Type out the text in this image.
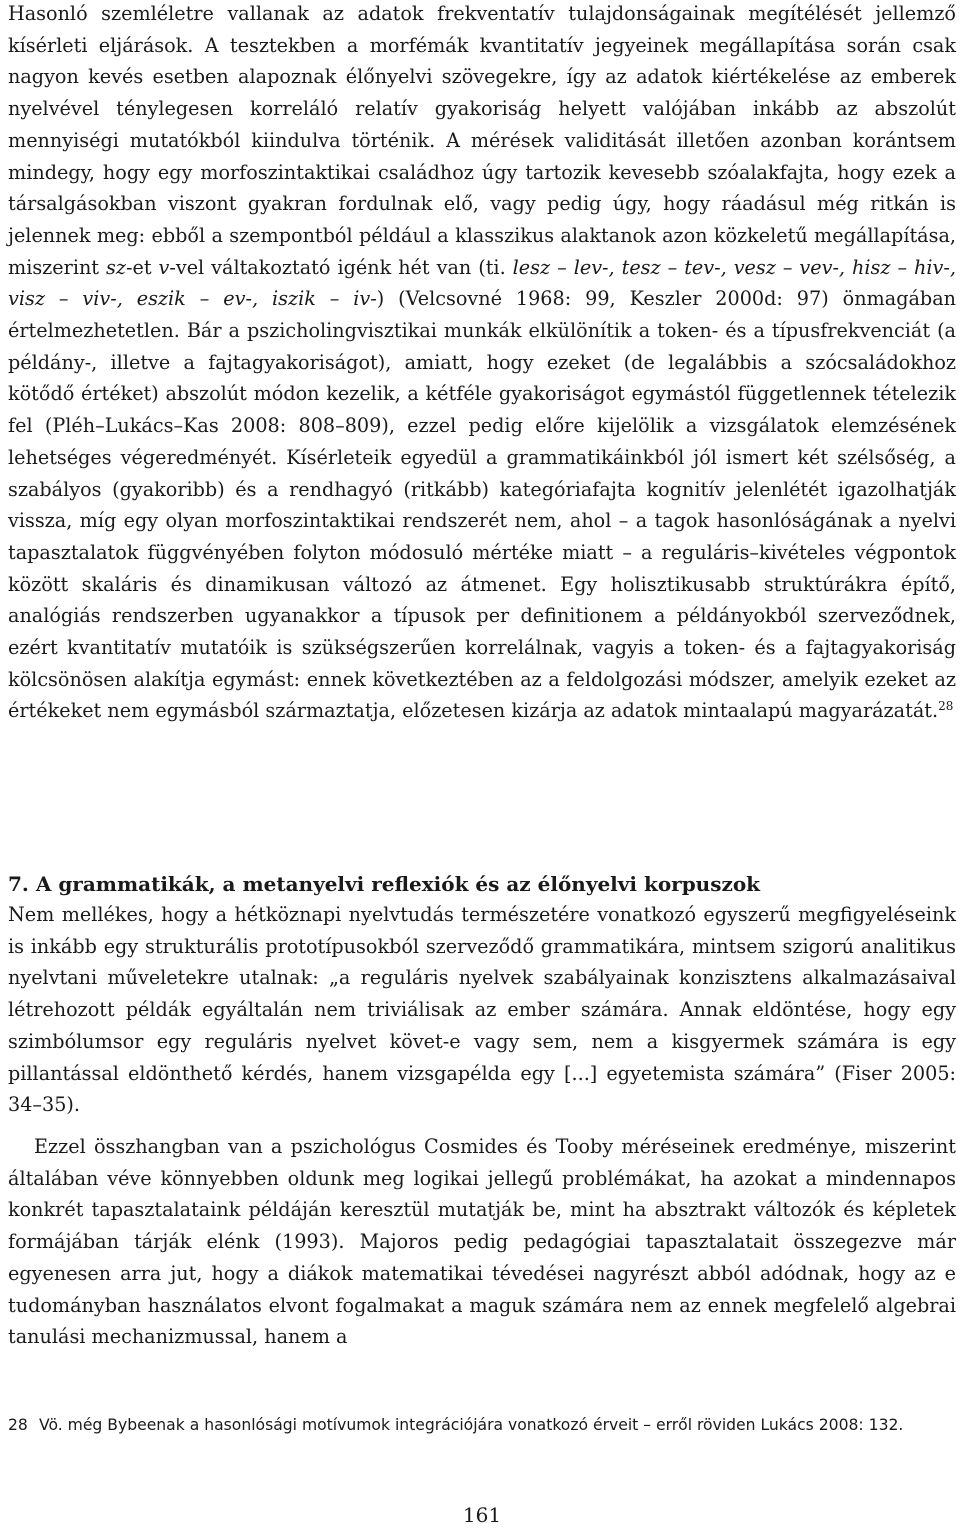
Hasonló szemléletre vallanak az adatok frekventatív tulajdonságainak megítélését jellemző kísérleti eljárások. A tesztekben a morfémák kvantitatív jegyeinek megállapítása során csak nagyon kevés esetben alapoznak élőnyelvi szövegekre, így az adatok kiértékelése az emberek nyelvével ténylegesen korreláló relatív gyakoriság helyett valójában inkább az abszolút mennyiségi mutatókból kiindulva történik. A mérések validitását illetően azonban korántsem mindegy, hogy egy morfoszintaktikai családhoz úgy tartozik kevesebb szóalakfajta, hogy ezek a társalgásokban viszont gyakran fordulnak elő, vagy pedig úgy, hogy ráadásul még ritkán is jelennek meg: ebből a szempontból például a klasszikus alaktanok azon közkeletű megállapítása, miszerint sz-et v-vel váltakoztató igénk hét van (ti. lesz – lev-, tesz – tev-, vesz – vev-, hisz – hiv-, visz – viv-, eszik – ev-, iszik – iv-) (Velcsovné 1968: 99, Keszler 2000d: 97) önmagában értelmezhetetlen. Bár a pszicholingvisztikai munkák elkülönítik a token- és a típusfrekvenciát (a példány-, illetve a fajtagyakoriságot), amiatt, hogy ezeket (de legalábbis a szócsaládokhoz kötődő értéket) abszolút módon kezelik, a kétféle gyakoriságot egymástól függetlennek tételezik fel (Pléh–Lukács–Kas 2008: 808–809), ezzel pedig előre kijelölik a vizsgálatok elemzésének lehetséges végeredményét. Kísérleteik egyedül a grammatikáinkból jól ismert két szélsőség, a szabályos (gyakoribb) és a rendhagyó (ritkább) kategóriafajta kognitív jelenlétét igazolhatják vissza, míg egy olyan morfoszintaktikai rendszerét nem, ahol – a tagok hasonlóságának a nyelvi tapasztalatok függvényében folyton módosuló mértéke miatt – a reguláris–kivételes végpontok között skaláris és dinamikusan változó az átmenet. Egy holisztikusabb struktúrákra építő, analógiás rendszerben ugyanakkor a típusok per definitionem a példányokból szerveződnek, ezért kvantitatív mutatóik is szükségszerűen korrelálnak, vagyis a token- és a fajtagyakoriság kölcsönösen alakítja egymást: ennek következtében az a feldolgozási módszer, amelyik ezeket az értékeket nem egymásból származtatja, előzetesen kizárja az adatok mintaalapú magyarázatát.$^{28}$

7. A grammatikák, a metanyelvi reflexiók és az élőnyelvi korpuszok

Nem mellékes, hogy a hétköznapi nyelvtudás természetére vonatkozó egyszerű megfigyeléseink is inkább egy strukturális prototípusokból szerveződő grammatikára, mintsem szigorú analitikus nyelvtani műveletekre utalnak: „a reguláris nyelvek szabályainak konzisztens alkalmazásaival létrehozott példák egyáltalán nem triviálisak az ember számára. Annak eldöntése, hogy egy szimbólumsor egy reguláris nyelvet követ-e vagy sem, nem a kisgyermek számára is egy pillantással eldönthető kérdés, hanem vizsgapélda egy [...] egyetemista számára” (Fiser 2005: 34–35).

Ezzel összhangban van a pszichológus Cosmides és Tooby méréseinek eredménye, miszerint általában véve könnyebben oldunk meg logikai jellegű problémákat, ha azokat a mindennapos konkrét tapasztalataink példáján keresztül mutatják be, mint ha absztrakt változók és képletek formájában tárják elénk (1993). Majoros pedig pedagógiai tapasztalatait összegezve már egyenesen arra jut, hogy a diákok matematikai tévedései nagyrészt abból adódnak, hogy az e tudományban használatos elvont fogalmakat a maguk számára nem az ennek megfelelő algebrai tanulási mechanizmussal, hanem a

28 Vö. még Bybeenak a hasonlósági motívumok integrációjára vonatkozó érveit – erről röviden Lukács 2008: 132.
161
